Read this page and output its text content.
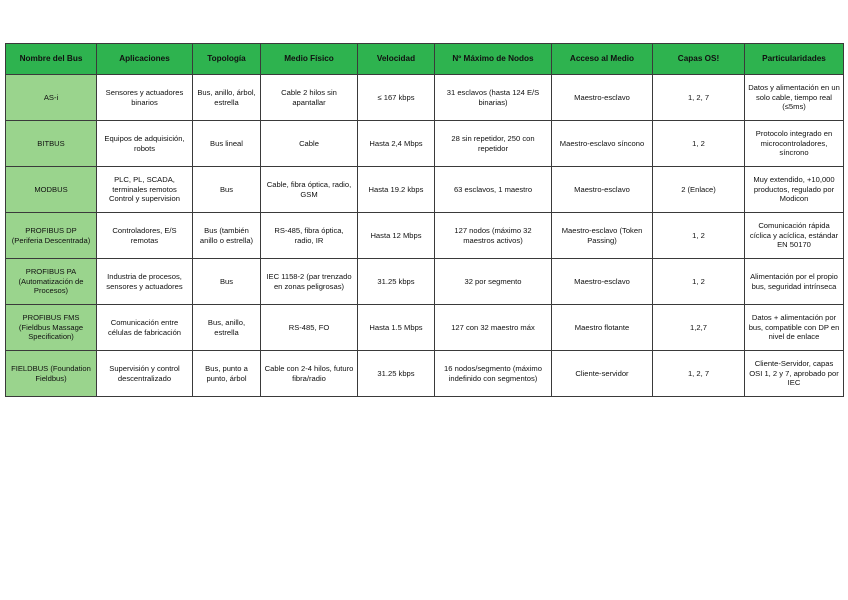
Nombre del Bus	Aplicaciones	Topología	Medio Físico	Velocidad	Nº Máximo de Nodos	Acceso al Medio	Capas OS!	Particularidades
AS-i	Sensores y actuadores binarios	Bus, anillo, árbol, estrella	Cable 2 hilos sin apantallar	≤ 167 kbps	31 esclavos (hasta 124 E/S binarias)	Maestro-esclavo	1, 2, 7	Datos y alimentación en un solo cable, tiempo real (≤5ms)
BITBUS	Equipos de adquisición, robots	Bus lineal	Cable	Hasta 2,4 Mbps	28 sin repetidor, 250 con repetidor	Maestro-esclavo síncono	1, 2	Protocolo integrado en microcontroladores, síncrono
MODBUS	PLC, PL, SCADA, terminales remotos Control y supervision	Bus	Cable, fibra óptica, radio, GSM	Hasta 19.2 kbps	63 esclavos, 1 maestro	Maestro-esclavo	2 (Enlace)	Muy extendido, +10,000 productos, regulado por Modicon
PROFIBUS DP (Periferia Descentrada)	Controladores, E/S remotas	Bus (también anillo o estrella)	RS-485, fibra óptica, radio, IR	Hasta 12 Mbps	127 nodos (máximo 32 maestros activos)	Maestro-esclavo (Token Passing)	1, 2	Comunicación rápida cíclica y acíclica, estándar EN 50170
PROFIBUS PA (Automatización de Procesos)	Industria de procesos, sensores y actuadores	Bus	IEC 1158-2 (par trenzado en zonas peligrosas)	31.25 kbps	32 por segmento	Maestro-esclavo	1, 2	Alimentación por el propio bus, seguridad intrínseca
PROFIBUS FMS (Fieldbus Massage Specification)	Comunicación entre células de fabricación	Bus, anillo, estrella	RS-485, FO	Hasta 1.5 Mbps	127 con 32 maestro máx	Maestro flotante	1,2,7	Datos + alimentación por bus, compatible con DP en nivel de enlace
FIELDBUS (Foundation Fieldbus)	Supervisión y control descentralizado	Bus, punto a punto, árbol	Cable con 2-4 hilos, futuro fibra/radio	31.25 kbps	16 nodos/segmento (máximo indefinido con segmentos)	Cliente-servidor	1, 2, 7	Cliente-Servidor, capas OSI 1, 2 y 7, aprobado por IEC
